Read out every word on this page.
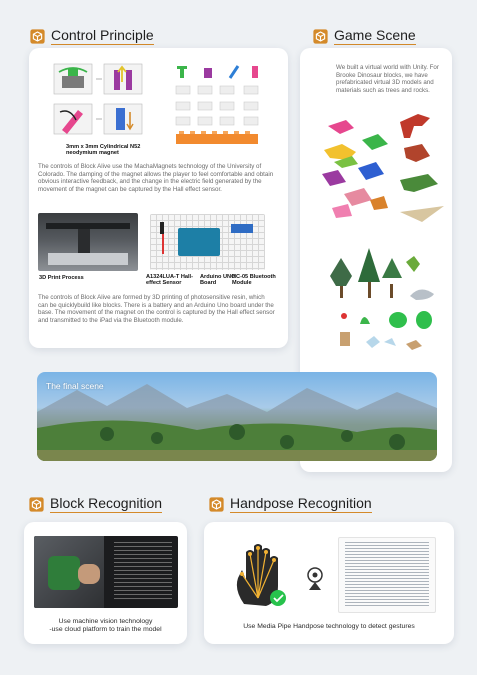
Control Principle
3mm x 3mm Cylindrical N52 neodymium magnet
The controls of Block Alive use the MachaMagnets technology of the University of Colorado. The damping of the magnet allows the player to feel comfortable and obtain obvious interactive feedback, and the change in the electric field generated by the movement of the magnet can be captured by the Hall effect sensor.
3D Print Process	A1324LUA-T Hall-effect Sensor
Arduino UNO Board
HC-05 Bluetooth Module
The controls of Block Alive are formed by 3D printing of photosensitive resin, which can be quicklybuild like blocks. There is a battery and an Arduino Uno board under the base. The movement of the magnet on the control is captured by the Hall effect sensor and transmitted to the iPad via the Bluetooth module.
Game Scene
We built a virtual world with Unity. For Brooke Dinosaur blocks, we have prefabricated virtual 3D models and materials such as trees and rocks.
The final scene
Block Recognition
Use machine vision technology
-use cloud platform to train the model
Handpose Recognition
Use Media Pipe Handpose technology to detect gestures
